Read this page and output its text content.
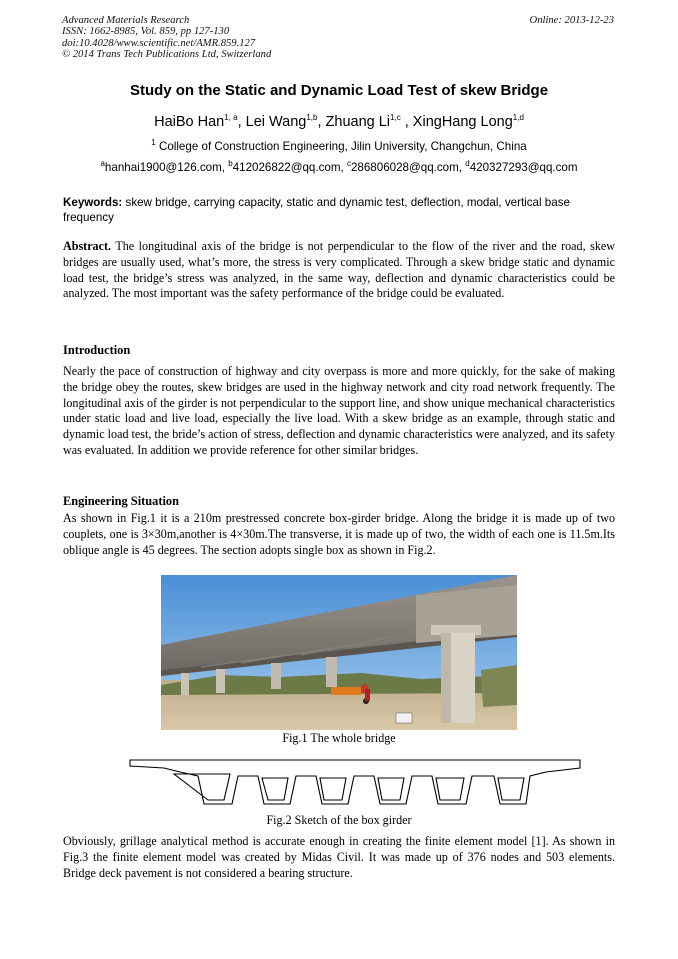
Advanced Materials Research
ISSN: 1662-8985, Vol. 859, pp 127-130
doi:10.4028/www.scientific.net/AMR.859.127
© 2014 Trans Tech Publications Ltd, Switzerland
Online: 2013-12-23
Study on the Static and Dynamic Load Test of skew Bridge
HaiBo Han$^{1, a}$, Lei Wang$^{1,b}$, Zhuang Li$^{1,c}$ , XingHang Long$^{1,d}$
$^1$ College of Construction Engineering, Jilin University, Changchun, China
$^a$hanhai1900@126.com, $^b$412026822@qq.com, $^c$286806028@qq.com, $^d$420327293@qq.com
Keywords: skew bridge, carrying capacity, static and dynamic test, deflection, modal, vertical base frequency
Abstract. The longitudinal axis of the bridge is not perpendicular to the flow of the river and the road, skew bridges are usually used, what’s more, the stress is very complicated. Through a skew bridge static and dynamic load test, the bridge’s stress was analyzed, in the same way, deflection and dynamic characteristics could be analyzed. The most important was the safety performance of the bridge could be evaluated.
Introduction
Nearly the pace of construction of highway and city overpass is more and more quickly, for the sake of making the bridge obey the routes, skew bridges are used in the highway network and city road network frequently. The longitudinal axis of the girder is not perpendicular to the support line, and show unique mechanical characteristics under static load and live load, especially the live load. With a skew bridge as an example, through static and dynamic load test, the bride’s action of stress, deflection and dynamic characteristics were analyzed, and its safety was evaluated. In addition we provide reference for other similar bridges.
Engineering Situation
As shown in Fig.1 it is a 210m prestressed concrete box-girder bridge. Along the bridge it is made up of two couplets, one is 3×30m,another is 4×30m.The transverse, it is made up of two, the width of each one is 11.5m.Its oblique angle is 45 degrees. The section adopts single box as shown in Fig.2.
Fig.1 The whole bridge
Fig.2 Sketch of the box girder
Obviously, grillage analytical method is accurate enough in creating the finite element model [1]. As shown in Fig.3 the finite element model was created by Midas Civil. It was made up of 376 nodes and 503 elements. Bridge deck pavement is not considered a bearing structure.
